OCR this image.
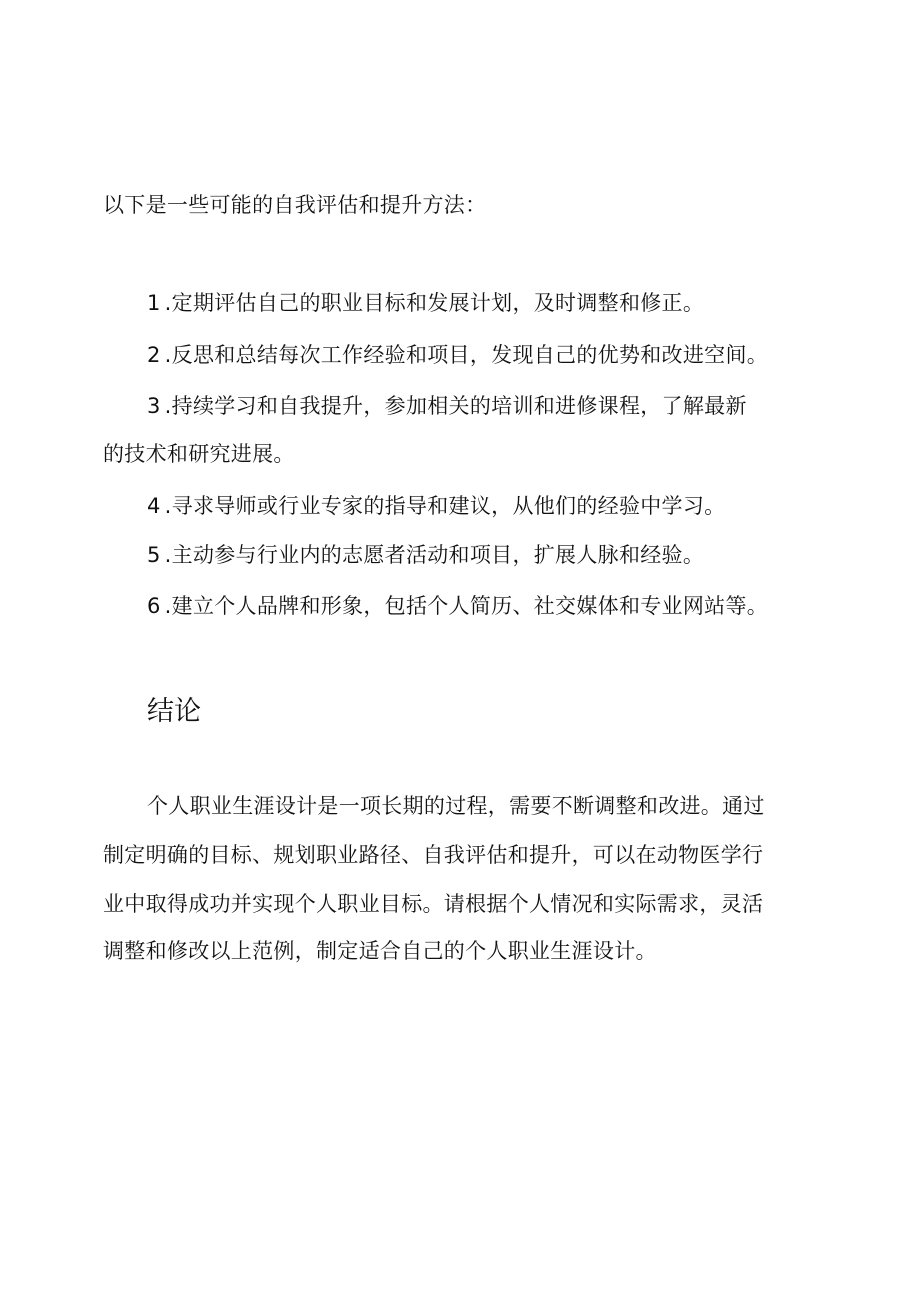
以下是一些可能的自我评估和提升方法：
1 .定期评估自己的职业目标和发展计划，及时调整和修正。
2 .反思和总结每次工作经验和项目，发现自己的优势和改进空间。
3 .持续学习和自我提升，参加相关的培训和进修课程，了解最新
的技术和研究进展。
4 .寻求导师或行业专家的指导和建议，从他们的经验中学习。
5 .主动参与行业内的志愿者活动和项目，扩展人脉和经验。
6 .建立个人品牌和形象，包括个人简历、社交媒体和专业网站等。
结论
个人职业生涯设计是一项长期的过程，需要不断调整和改进。通过
制定明确的目标、规划职业路径、自我评估和提升，可以在动物医学行
业中取得成功并实现个人职业目标。请根据个人情况和实际需求，灵活
调整和修改以上范例，制定适合自己的个人职业生涯设计。
